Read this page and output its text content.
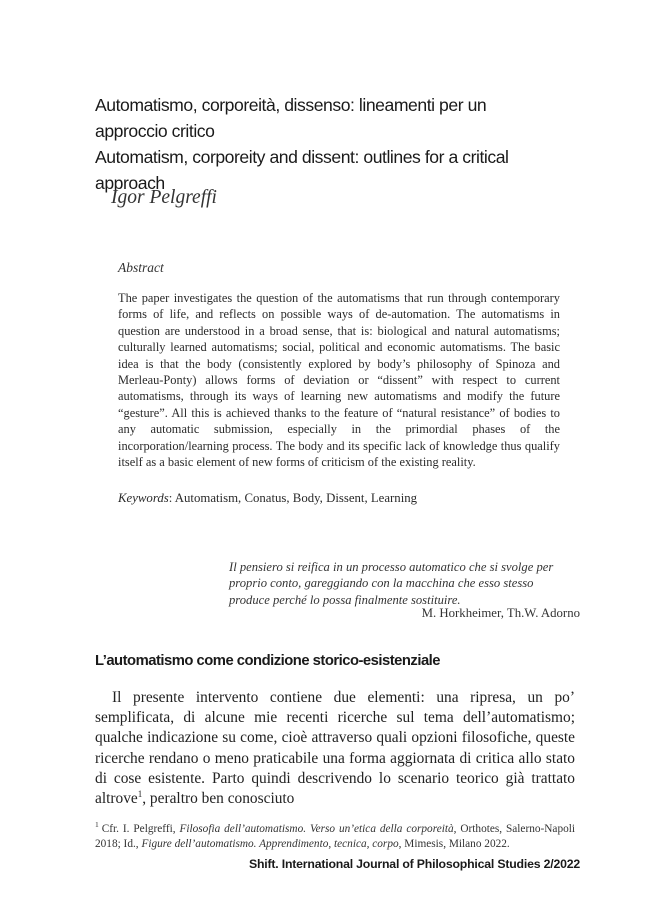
Automatismo, corporeità, dissenso: lineamenti per un
approccio critico
Automatism, corporeity and dissent: outlines for a critical
approach

Igor Pelgreffi

Abstract

The paper investigates the question of the automatisms that run through contemporary forms of life, and reflects on possible ways of de-automation. The automatisms in question are understood in a broad sense, that is: biological and natural automatisms; culturally learned automatisms; social, political and economic automatisms. The basic idea is that the body (consistently explored by body’s philosophy of Spinoza and Merleau-Ponty) allows forms of deviation or “dissent” with respect to current automatisms, through its ways of learning new automatisms and modify the future “gesture”. All this is achieved thanks to the feature of “natural resistance” of bodies to any automatic submission, especially in the primordial phases of the incorporation/learning process. The body and its specific lack of knowledge thus qualify itself as a basic element of new forms of criticism of the existing reality.

Keywords: Automatism, Conatus, Body, Dissent, Learning

Il pensiero si reifica in un processo automatico che si svolge per proprio conto, gareggiando con la macchina che esso stesso produce perché lo possa finalmente sostituire.

M. Horkheimer, Th.W. Adorno

L’automatismo come condizione storico-esistenziale

Il presente intervento contiene due elementi: una ripresa, un po’ semplificata, di alcune mie recenti ricerche sul tema dell’automatismo; qualche indicazione su come, cioè attraverso quali opzioni filosofiche, queste ricerche rendano o meno praticabile una forma aggiornata di critica allo stato di cose esistente. Parto quindi descrivendo lo scenario teorico già trattato altrove$^1$, peraltro ben conosciuto

$^1$ Cfr. I. Pelgreffi, Filosofia dell’automatismo. Verso un’etica della corporeità, Orthotes, Salerno-Napoli 2018; Id., Figure dell’automatismo. Apprendimento, tecnica, corpo, Mimesis, Milano 2022.

Shift. International Journal of Philosophical Studies 2/2022
